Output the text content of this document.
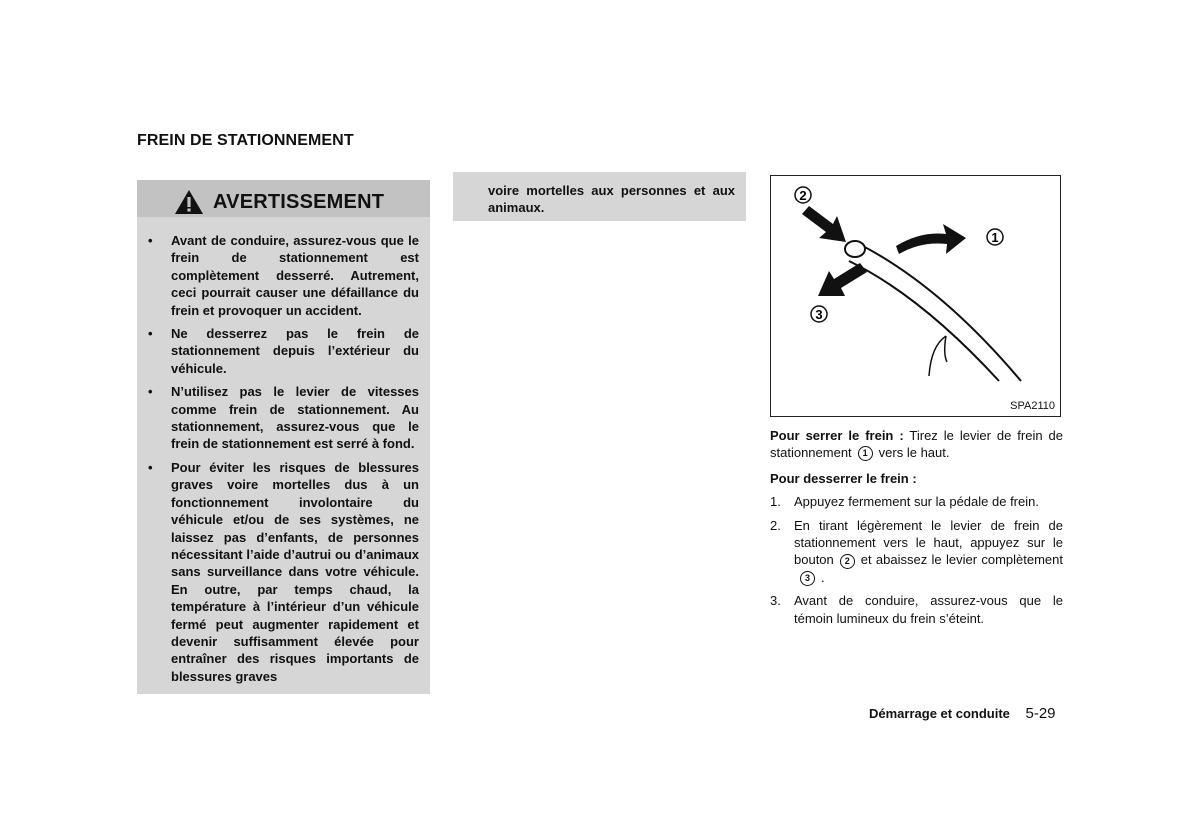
FREIN DE STATIONNEMENT
AVERTISSEMENT
• Avant de conduire, assurez-vous que le frein de stationnement est complètement desserré. Autrement, ceci pourrait causer une défaillance du frein et provoquer un accident.
• Ne desserrez pas le frein de stationnement depuis l’extérieur du véhicule.
• N’utilisez pas le levier de vitesses comme frein de stationnement. Au stationnement, assurez-vous que le frein de stationnement est serré à fond.
• Pour éviter les risques de blessures graves voire mortelles dus à un fonctionnement involontaire du véhicule et/ou de ses systèmes, ne laissez pas d’enfants, de personnes nécessitant l’aide d’autrui ou d’animaux sans surveillance dans votre véhicule. En outre, par temps chaud, la température à l’intérieur d’un véhicule fermé peut augmenter rapidement et devenir suffisamment élevée pour entraîner des risques importants de blessures graves
voire mortelles aux personnes et aux animaux.
1
2
3
SPA2110

Pour serrer le frein : Tirez le levier de frein de stationnement 1 vers le haut.

Pour desserrer le frein :

1. Appuyez fermement sur la pédale de frein.
2. En tirant légèrement le levier de frein de stationnement vers le haut, appuyez sur le bouton 2 et abaissez le levier complètement3 .
3. Avant de conduire, assurez-vous que le témoin lumineux du frein s’éteint.
Démarrage et conduite 5-29
